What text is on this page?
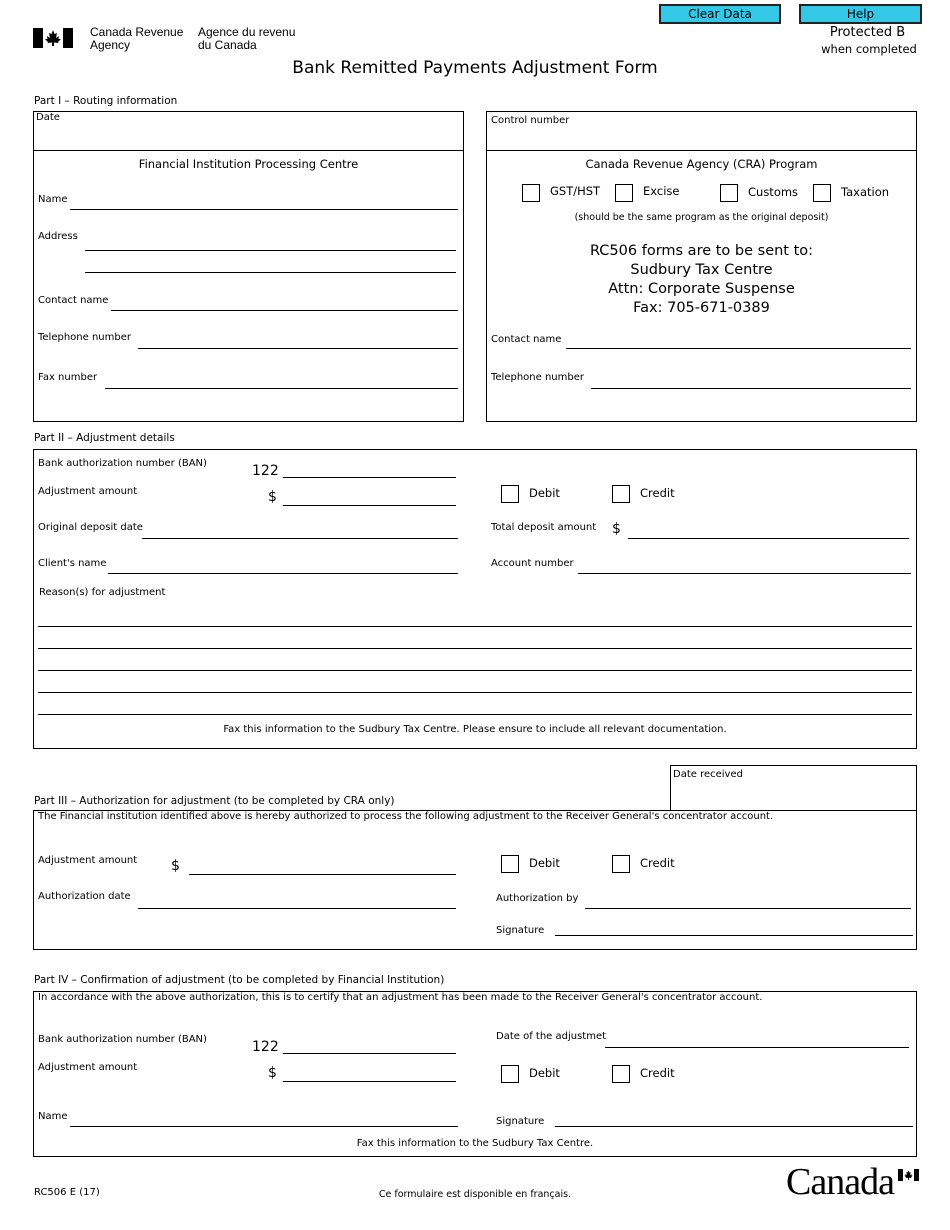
Canada Revenue
Agency
Agence du revenu
du Canada
Clear Data	Help
Protected B
when completed
Bank Remitted Payments Adjustment Form
Part I – Routing information
Date
Financial Institution Processing Centre
Name
Address
Contact name
Telephone number
Fax number
Control number
Canada Revenue Agency (CRA) Program
GST/HST	Excise	Customs	Taxation
(should be the same program as the original deposit)
RC506 forms are to be sent to:
Sudbury Tax Centre
Attn: Corporate Suspense
Fax: 705-671-0389
Contact name
Telephone number
Part II – Adjustment details
Bank authorization number (BAN)	122
Adjustment amount	$	Debit	Credit
Original deposit date	Total deposit amount $
Client's name	Account number
Reason(s) for adjustment
Fax this information to the Sudbury Tax Centre. Please ensure to include all relevant documentation.
Date received
Part III – Authorization for adjustment (to be completed by CRA only)
The Financial institution identified above is hereby authorized to process the following adjustment to the Receiver General's concentrator account.
Adjustment amount $	Debit	Credit
Authorization date	Authorization by
Signature
Part IV – Confirmation of adjustment (to be completed by Financial Institution)
In accordance with the above authorization, this is to certify that an adjustment has been made to the Receiver General's concentrator account.
Bank authorization number (BAN)	122
Date of the adjustmet
Adjustment amount	$	Debit	Credit
Name	Signature
Fax this information to the Sudbury Tax Centre.
RC506 E (17)	Ce formulaire est disponible en français.	Canada
